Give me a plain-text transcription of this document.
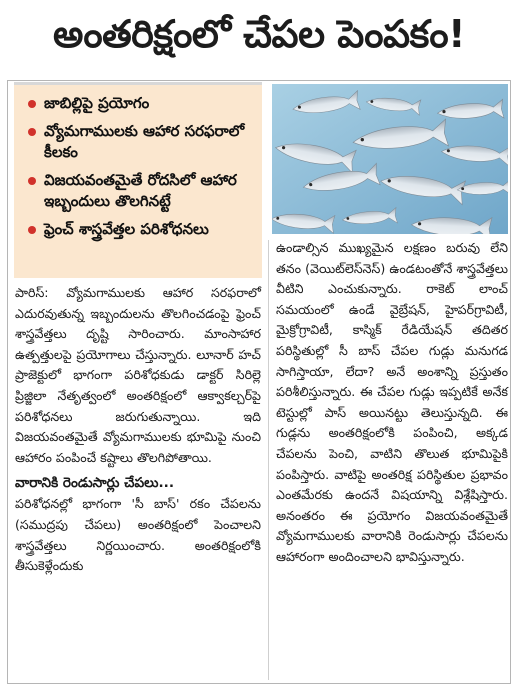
అంతరిక్షంలో చేపల పెంపకం!
జాబిల్లిపై ప్రయోగం
వ్యోమగాములకు ఆహార సరఫరాలో కీలకం
విజయవంతమైతే రోదసిలో ఆహార ఇబ్బందులు తొలగినట్టే
ఫ్రెంచ్ శాస్త్రవేత్తల పరిశోధనలు

పారిస్: వ్యోమగాములకు ఆహార సరఫరాలో ఎదురవుతున్న ఇబ్బందులను తొలగించడంపై ఫ్రెంచ్ శాస్త్రవేత్తలు దృష్టి సారించారు. మాంసాహార ఉత్పత్తులపై ప్రయోగాలు చేస్తున్నారు. లూనార్ హచ్ ప్రాజెక్టులో భాగంగా పరిశోధకుడు డాక్టర్ సిరిల్లె ప్రిజ్జిలా నేతృత్వంలో అంతరిక్షంలో ఆక్వాకల్చర్‌పై పరిశోధనలు జరుగుతున్నాయి. ఇది విజయవంతమైతే వ్యోమగాములకు భూమిపై నుంచి ఆహారం పంపించే కష్టాలు తొలగిపోతాయి.

వారానికి రెండుసార్లు చేపలు...

పరిశోధనల్లో భాగంగా 'సీ బాస్' రకం చేపలను (సముద్రపు చేపలు) అంతరిక్షంలో పెంచాలని శాస్త్రవేత్తలు నిర్ణయించారు. అంతరిక్షంలోకి తీసుకెళ్లేందుకు

ఉండాల్సిన ముఖ్యమైన లక్షణం బరువు లేని తనం (వెయిట్‌లెస్‌నెస్) ఉండటంతోనే శాస్త్రవేత్తలు వీటిని ఎంచుకున్నారు. రాకెట్ లాంచ్ సమయంలో ఉండే వైబ్రేషన్, హైపర్‌గ్రావిటీ, మైక్రోగ్రావిటీ, కాస్మిక్ రేడియేషన్ తదితర పరిస్థితుల్లో సీ బాస్ చేపల గుడ్లు మనుగడ సాగిస్తాయా, లేదా? అనే అంశాన్ని ప్రస్తుతం పరిశీలిస్తున్నారు. ఈ చేపల గుడ్లు ఇప్పటికే అనేక టెస్టుల్లో పాస్ అయినట్టు తెలుస్తున్నది. ఈ గుడ్లను అంతరిక్షంలోకి పంపించి, అక్కడ చేపలను పెంచి, వాటిని తొలుత భూమిపైకి పంపిస్తారు. వాటిపై అంతరిక్ష పరిస్థితుల ప్రభావం ఎంతమేరకు ఉందనే విషయాన్ని విశ్లేషిస్తారు. అనంతరం ఈ ప్రయోగం విజయవంతమైతే వ్యోమగాములకు వారానికి రెండుసార్లు చేపలను ఆహారంగా అందించాలని భావిస్తున్నారు.
